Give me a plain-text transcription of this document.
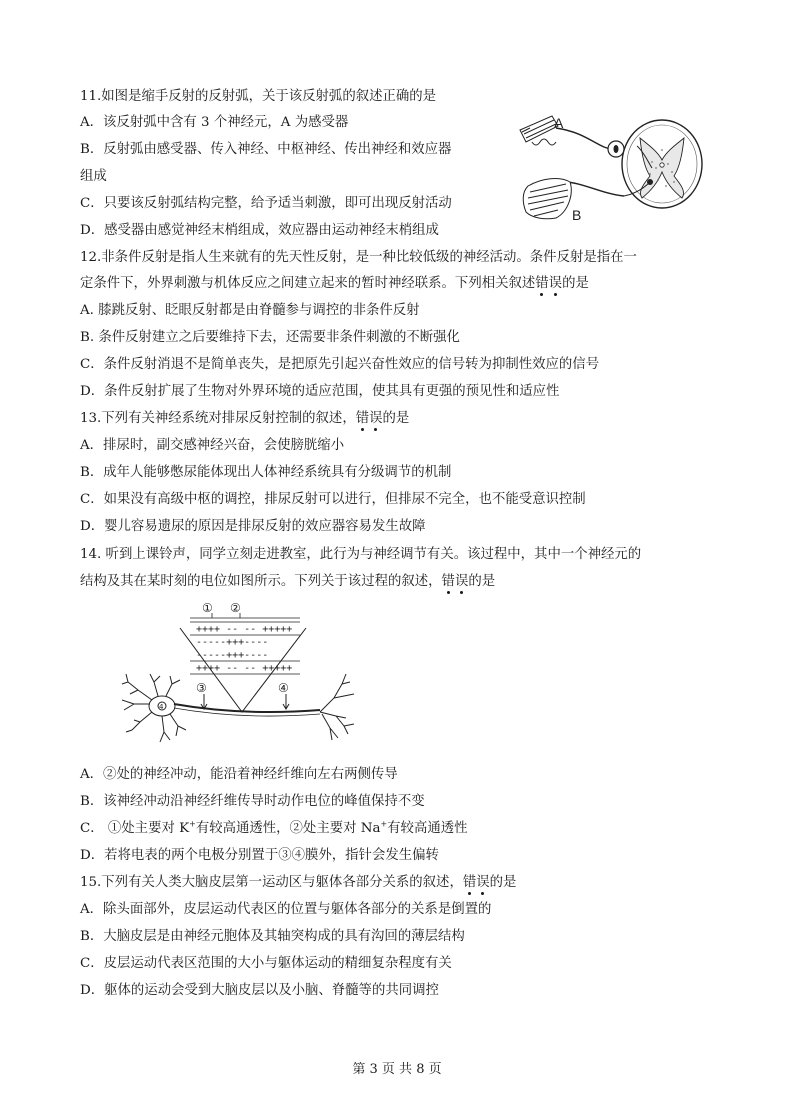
11.如图是缩手反射的反射弧，关于该反射弧的叙述正确的是
A．该反射弧中含有 3 个神经元，A 为感受器
B．反射弧由感受器、传入神经、中枢神经、传出神经和效应器
组成
C．只要该反射弧结构完整，给予适当刺激，即可出现反射活动
D．感受器由感觉神经末梢组成，效应器由运动神经末梢组成
A
B
12.非条件反射是指人生来就有的先天性反射，是一种比较低级的神经活动。条件反射是指在一
定条件下，外界刺激与机体反应之间建立起来的暂时神经联系。下列相关叙述错误的是
A. 膝跳反射、眨眼反射都是由脊髓参与调控的非条件反射
B. 条件反射建立之后要维持下去，还需要非条件刺激的不断强化
C．条件反射消退不是简单丧失，是把原先引起兴奋性效应的信号转为抑制性效应的信号
D．条件反射扩展了生物对外界环境的适应范围，使其具有更强的预见性和适应性
13.下列有关神经系统对排尿反射控制的叙述，错误的是
A．排尿时，副交感神经兴奋，会使膀胱缩小
B．成年人能够憋尿能体现出人体神经系统具有分级调节的机制
C．如果没有高级中枢的调控，排尿反射可以进行，但排尿不完全，也不能受意识控制
D．婴儿容易遗尿的原因是排尿反射的效应器容易发生故障
14. 听到上课铃声，同学立刻走进教室，此行为与神经调节有关。该过程中，其中一个神经元的
结构及其在某时刻的电位如图所示。下列关于该过程的叙述，错误的是
① ②
++++ -- -- +++++
-----+++----
-----+++----
++++ -- -- +++++
4
③	④
A．②处的神经冲动，能沿着神经纤维向左右两侧传导
B．该神经冲动沿神经纤维传导时动作电位的峰值保持不变
C． ①处主要对 K+有较高通透性，②处主要对 Na+有较高通透性
D．若将电表的两个电极分别置于③④膜外，指针会发生偏转
15.下列有关人类大脑皮层第一运动区与躯体各部分关系的叙述，错误的是
A．除头面部外，皮层运动代表区的位置与躯体各部分的关系是倒置的
B．大脑皮层是由神经元胞体及其轴突构成的具有沟回的薄层结构
C．皮层运动代表区范围的大小与躯体运动的精细复杂程度有关
D．躯体的运动会受到大脑皮层以及小脑、脊髓等的共同调控
第 3 页 共 8 页
